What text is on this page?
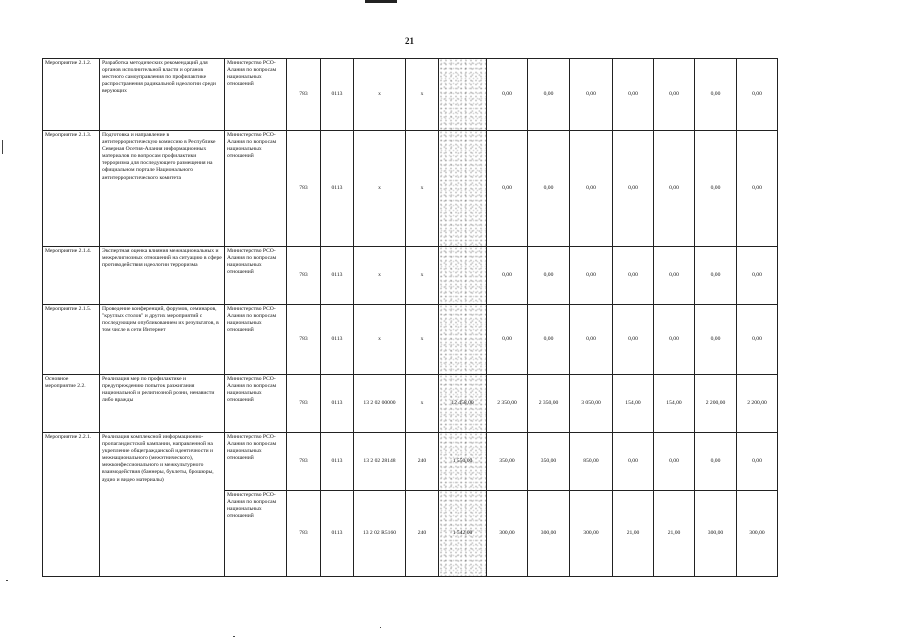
21
Мероприятие 2.1.2.	Разработка методических рекомендаций для органов исполнительной власти и органов местного самоуправления по профилактике распространения радикальной идеологии среди верующих	Министерство РСО-Алания по вопросам национальных отношений	783	0113	x	x		0,00	0,00	0,00	0,00	0,00	0,00	0,00
Мероприятие 2.1.3.	Подготовка и направление в антитеррористическую комиссию в Республике Северная Осетия-Алания информационных материалов по вопросам профилактики терроризма для последующего размещения на официальном портале Национального антитеррористического комитета	Министерство РСО-Алания по вопросам национальных отношений	783	0113	x	x		0,00	0,00	0,00	0,00	0,00	0,00	0,00
Мероприятие 2.1.4.	Экспертная оценка влияния межнациональных и межрелигиозных отношений на ситуацию в сфере противодействия идеологии терроризма	Министерство РСО-Алания по вопросам национальных отношений	783	0113	x	x		0,00	0,00	0,00	0,00	0,00	0,00	0,00
Мероприятие 2.1.5.	Проведение конференций, форумов, семинаров, "круглых столов" и других мероприятий с последующим опубликованием их результатов, в том числе в сети Интернет	Министерство РСО-Алания по вопросам национальных отношений	783	0113	x	x		0,00	0,00	0,00	0,00	0,00	0,00	0,00
Основное мероприятие 2.2.	Реализация мер по профилактике и предупреждению попыток разжигания национальной и религиозной розни, ненависти либо вражды	Министерство РСО-Алания по вопросам национальных отношений	783	0113	13 2 02 00000	x	12 458,00	2 350,00	2 350,00	3 050,00	154,00	154,00	2 200,00	2 200,00
Мероприятие 2.2.1.	Реализация комплексной информационно-пропагандистской кампании, направленной на укрепление общегражданской идентичности и межнационального (межэтнического), межконфессионального и межкультурного взаимодействия (баннеры, буклеты, брошюры, аудио и видео материалы)	Министерство РСО-Алания по вопросам национальных отношений	783	0113	13 2 02 28148	240	1 550,00	350,00	350,00	850,00	0,00	0,00	0,00	0,00
		Министерство РСО-Алания по вопросам национальных отношений	783	0113	13 2 02 R5160	240	1 542,00	300,00	300,00	300,00	21,00	21,00	300,00	300,00
